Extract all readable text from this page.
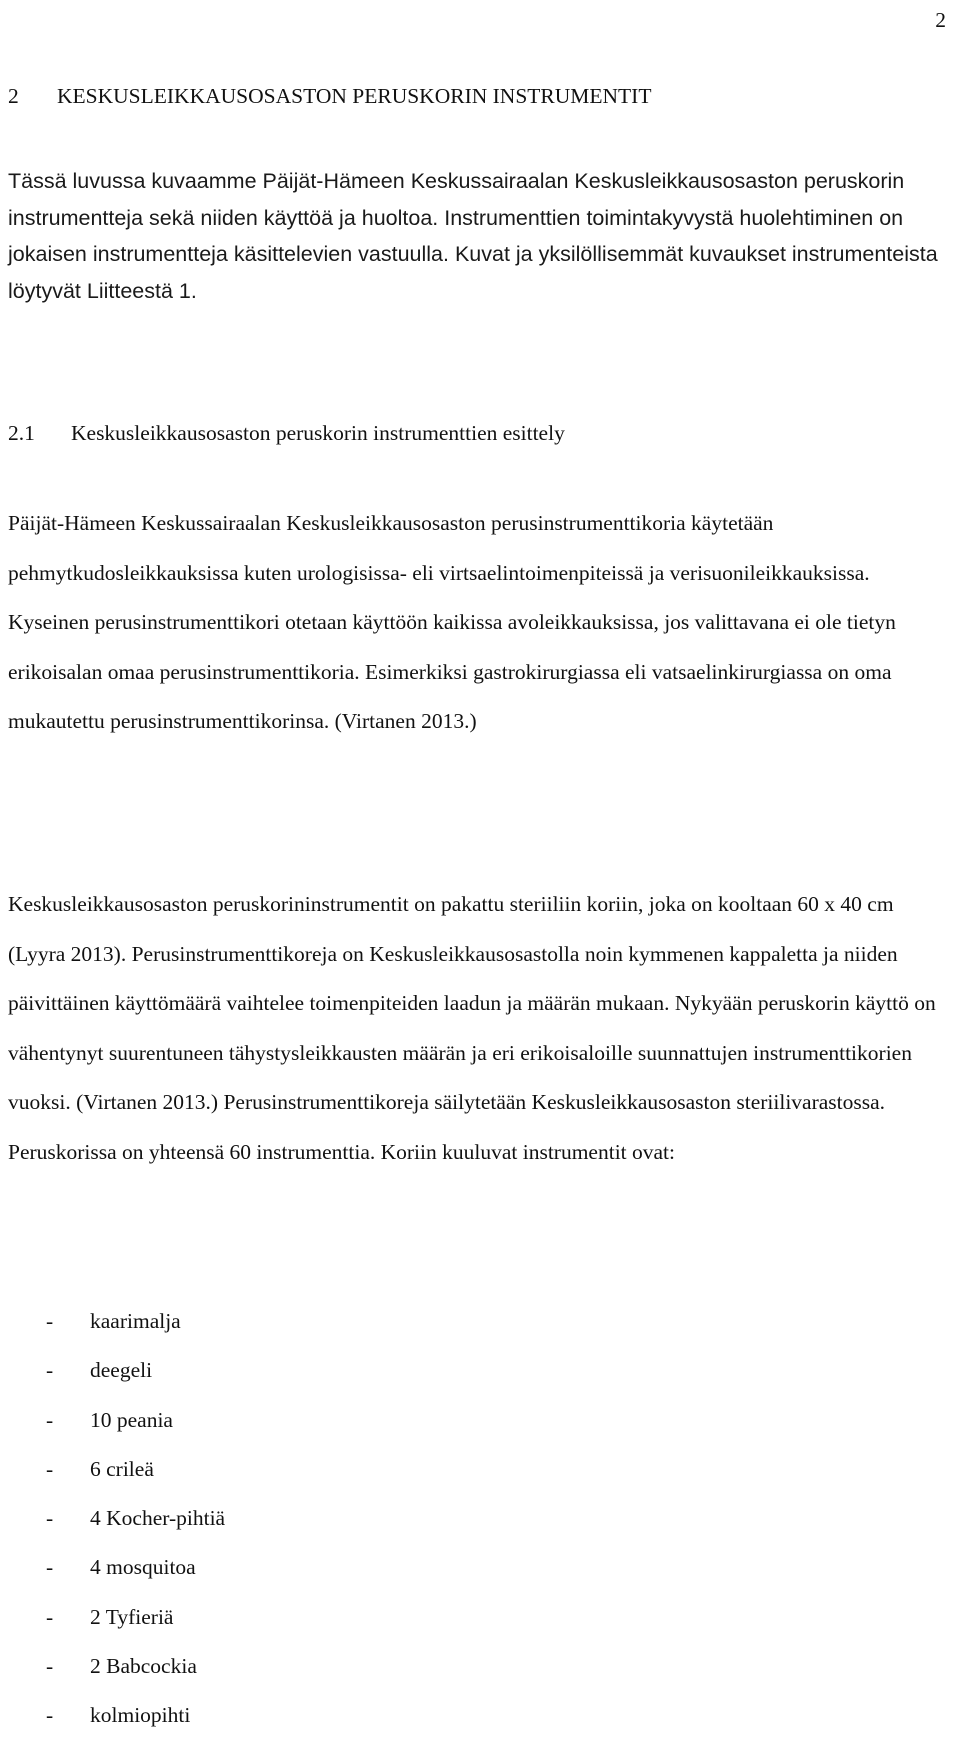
2
2 KESKUSLEIKKAUSOSASTON PERUSKORIN INSTRUMENTIT

Tässä luvussa kuvaamme Päijät-Hämeen Keskussairaalan Keskusleikkausosaston peruskorin instrumentteja sekä niiden käyttöä ja huoltoa. Instrumenttien toimintakyvystä huolehtiminen on jokaisen instrumentteja käsittelevien vastuulla. Kuvat ja yksilöllisemmät kuvaukset instrumenteista löytyvät Liitteestä 1.

2.1 Keskusleikkausosaston peruskorin instrumenttien esittely

Päijät-Hämeen Keskussairaalan Keskusleikkausosaston perusinstrumenttikoria käytetään pehmytkudosleikkauksissa kuten urologisissa- eli virtsaelintoimenpiteissä ja verisuonileikkauksissa. Kyseinen perusinstrumenttikori otetaan käyttöön kaikissa avoleikkauksissa, jos valittavana ei ole tietyn erikoisalan omaa perusinstrumenttikoria. Esimerkiksi gastrokirurgiassa eli vatsaelinkirurgiassa on oma mukautettu perusinstrumenttikorinsa. (Virtanen 2013.)

Keskusleikkausosaston peruskorininstrumentit on pakattu steriiliin koriin, joka on kooltaan 60 x 40 cm (Lyyra 2013). Perusinstrumenttikoreja on Keskusleikkausosastolla noin kymmenen kappaletta ja niiden päivittäinen käyttömäärä vaihtelee toimenpiteiden laadun ja määrän mukaan. Nykyään peruskorin käyttö on vähentynyt suurentuneen tähystysleikkausten määrän ja eri erikoisaloille suunnattujen instrumenttikorien vuoksi. (Virtanen 2013.) Perusinstrumenttikoreja säilytetään Keskusleikkausosaston steriilivarastossa. Peruskorissa on yhteensä 60 instrumenttia. Koriin kuuluvat instrumentit ovat:

- kaarimalja
- deegeli
- 10 peania
- 6 crileä
- 4 Kocher-pihtiä
- 4 mosquitoa
- 2 Tyfieriä
- 2 Babcockia
- kolmiopihti
